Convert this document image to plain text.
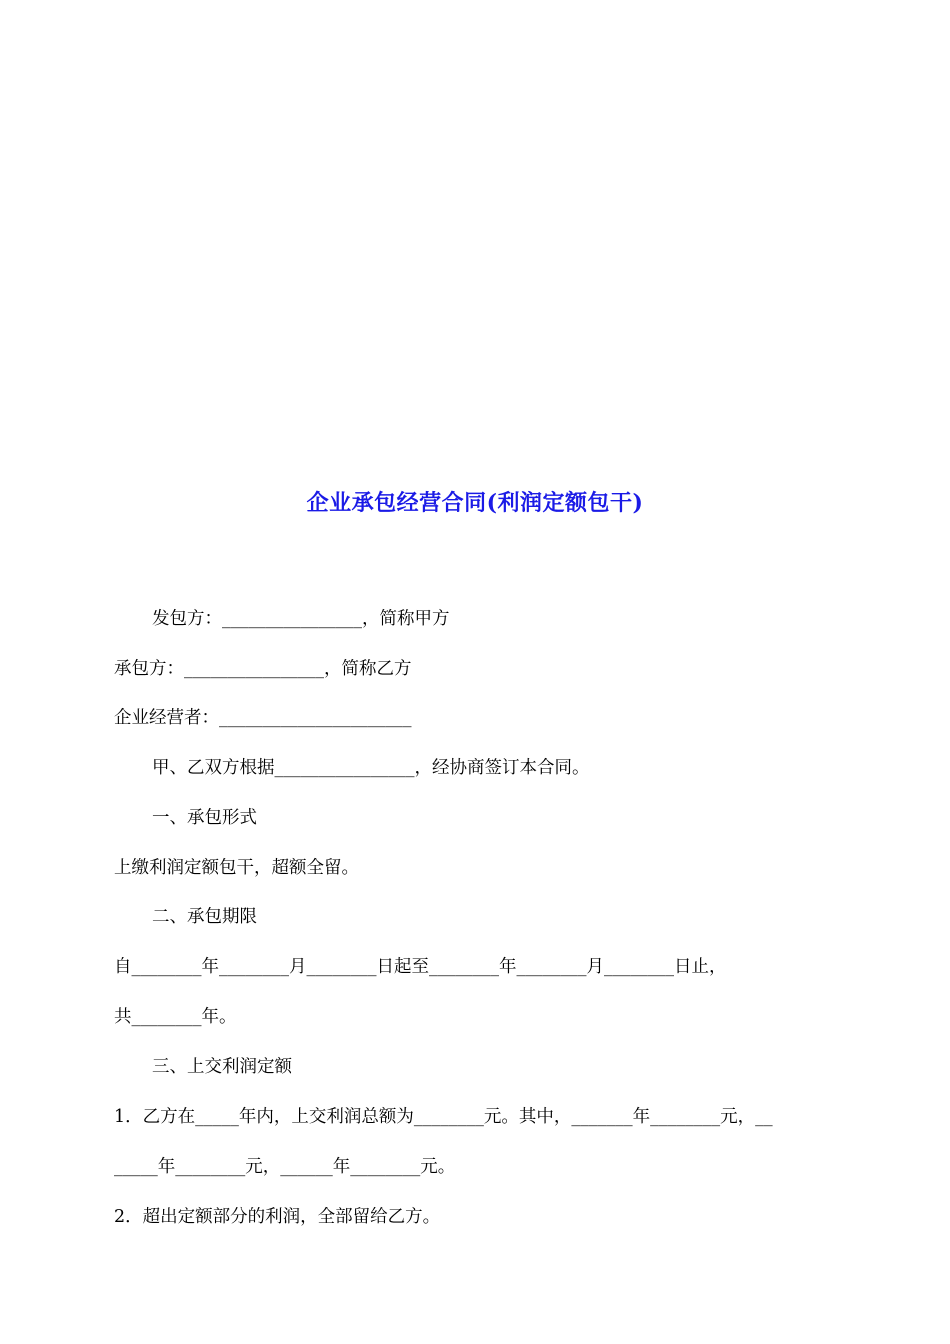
企业承包经营合同(利润定额包干)
发包方：________________，简称甲方
承包方：________________，简称乙方
企业经营者：______________________
甲、乙双方根据________________，经协商签订本合同。
一、承包形式
上缴利润定额包干，超额全留。
二、承包期限
自________年________月________日起至________年________月________日止，
共________年。
三、上交利润定额
1．乙方在_____年内，上交利润总额为________元。其中，_______年________元，__
_____年________元，______年________元。
2．超出定额部分的利润，全部留给乙方。
